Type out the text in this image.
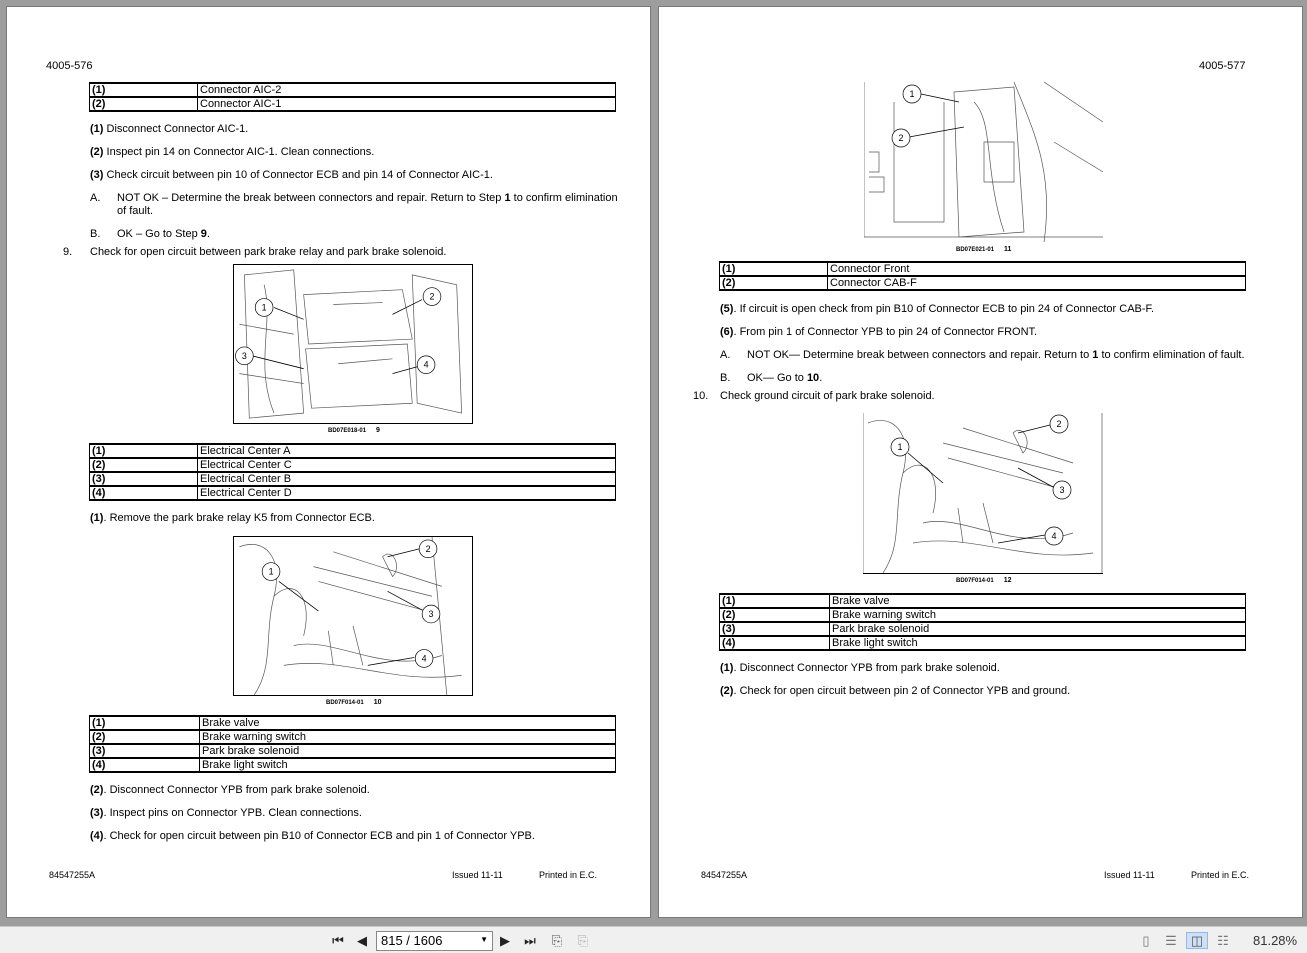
4005-576
(1)	Connector AIC-2
(2)	Connector AIC-1
(1) Disconnect Connector AIC-1.
(2) Inspect pin 14 on Connector AIC-1. Clean connections.
(3) Check circuit between pin 10 of Connector ECB and pin 14 of Connector AIC-1.
A. NOT OK – Determine the break between connectors and repair. Return to Step 1 to confirm elimination
of fault.
B. OK – Go to Step 9.
9. Check for open circuit between park brake relay and park brake solenoid.
1
2
3
4
BD07E018-01 9
(1)	Electrical Center A
(2)	Electrical Center C
(3)	Electrical Center B
(4)	Electrical Center D
(1). Remove the park brake relay K5 from Connector ECB.
1
2
3
4
BD07F014-01 10
(1)	Brake valve
(2)	Brake warning switch
(3)	Park brake solenoid
(4)	Brake light switch
(2). Disconnect Connector YPB from park brake solenoid.
(3). Inspect pins on Connector YPB. Clean connections.
(4). Check for open circuit between pin B10 of Connector ECB and pin 1 of Connector YPB.
84547255A	Issued 11-11	Printed in E.C.
4005-577
1
2
BD07E021-01 11
(1)	Connector Front
(2)	Connector CAB-F
(5). If circuit is open check from pin B10 of Connector ECB to pin 24 of Connector CAB-F.
(6). From pin 1 of Connector YPB to pin 24 of Connector FRONT.
A. NOT OK— Determine break between connectors and repair. Return to 1 to confirm elimination of fault.
B. OK— Go to 10.
10. Check ground circuit of park brake solenoid.
1
2
3
4
BD07F014-01 12
(1)	Brake valve
(2)	Brake warning switch
(3)	Park brake solenoid
(4)	Brake light switch
(1). Disconnect Connector YPB from park brake solenoid.
(2). Check for open circuit between pin 2 of Connector YPB and ground.
84547255A	Issued 11-11	Printed in E.C.
⏮ ◀	815 / 1606	▼ ▶ ⏭ ⎘ ⎘	▯	☰	◫	☷ 81.28%
